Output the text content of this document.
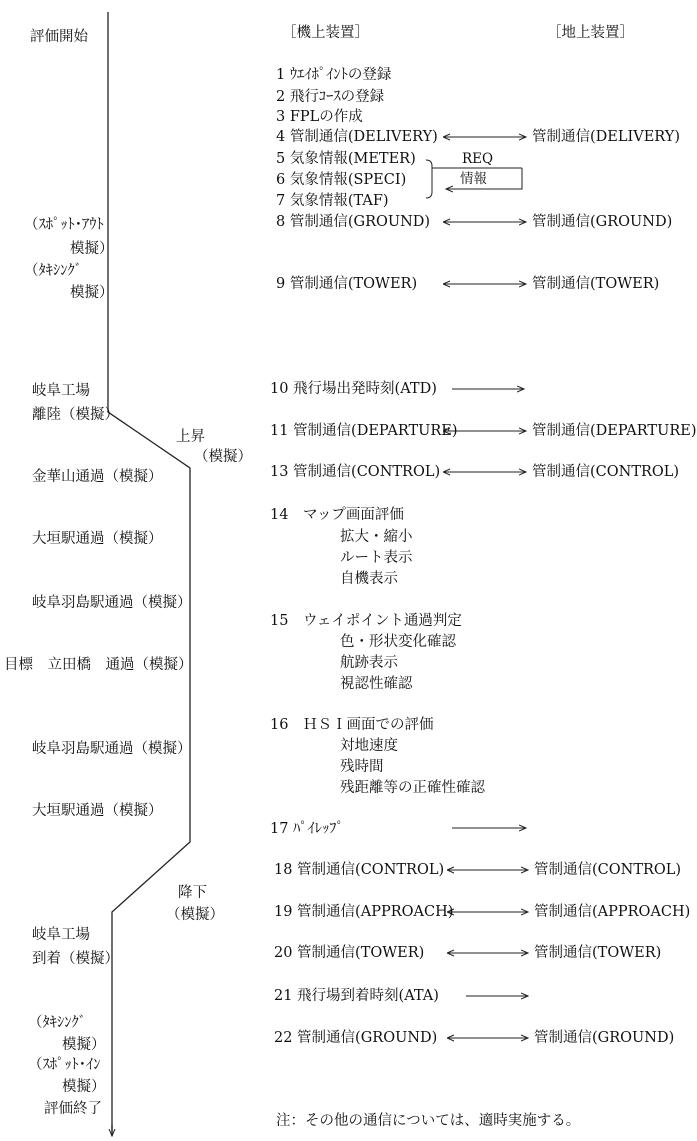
［機上装置］	［地上装置］
評価開始
（ｽﾎﾟｯﾄ･ｱｳﾄ
模擬）
（ﾀｷｼﾝｸﾞ
模擬）
岐阜工場
離陸（模擬）
上昇
（模擬）
金華山通過（模擬）
大垣駅通過（模擬）
岐阜羽島駅通過（模擬）
目標　立田橋　通過（模擬）
岐阜羽島駅通過（模擬）
大垣駅通過（模擬）
降下
（模擬）
岐阜工場
到着（模擬）
（ﾀｷｼﾝｸﾞ
模擬）
（ｽﾎﾟｯﾄ･ｲﾝ
模擬）
評価終了
1 ｳｴｲﾎﾟｲﾝﾄの登録
2 飛行ｺｰｽの登録
3 FPLの作成
4 管制通信(DELIVERY)
5 気象情報(METER)
6 気象情報(SPECI)
7 気象情報(TAF)
8 管制通信(GROUND)
9 管制通信(TOWER)
10 飛行場出発時刻(ATD)
11 管制通信(DEPARTURE)
13 管制通信(CONTROL)
14　マップ画面評価
拡大・縮小
ルート表示
自機表示
15　ウェイポイント通過判定
色・形状変化確認
航跡表示
視認性確認
16　ＨＳＩ画面での評価
対地速度
残時間
残距離等の正確性確認
17 ﾊﾟｲﾚｯﾌﾟ
18 管制通信(CONTROL)
19 管制通信(APPROACH)
20 管制通信(TOWER)
21 飛行場到着時刻(ATA)
22 管制通信(GROUND)
管制通信(DELIVERY)
管制通信(GROUND)
管制通信(TOWER)
管制通信(DEPARTURE)
管制通信(CONTROL)
管制通信(CONTROL)
管制通信(APPROACH)
管制通信(TOWER)
管制通信(GROUND)
REQ
情報
注：その他の通信については、適時実施する。
